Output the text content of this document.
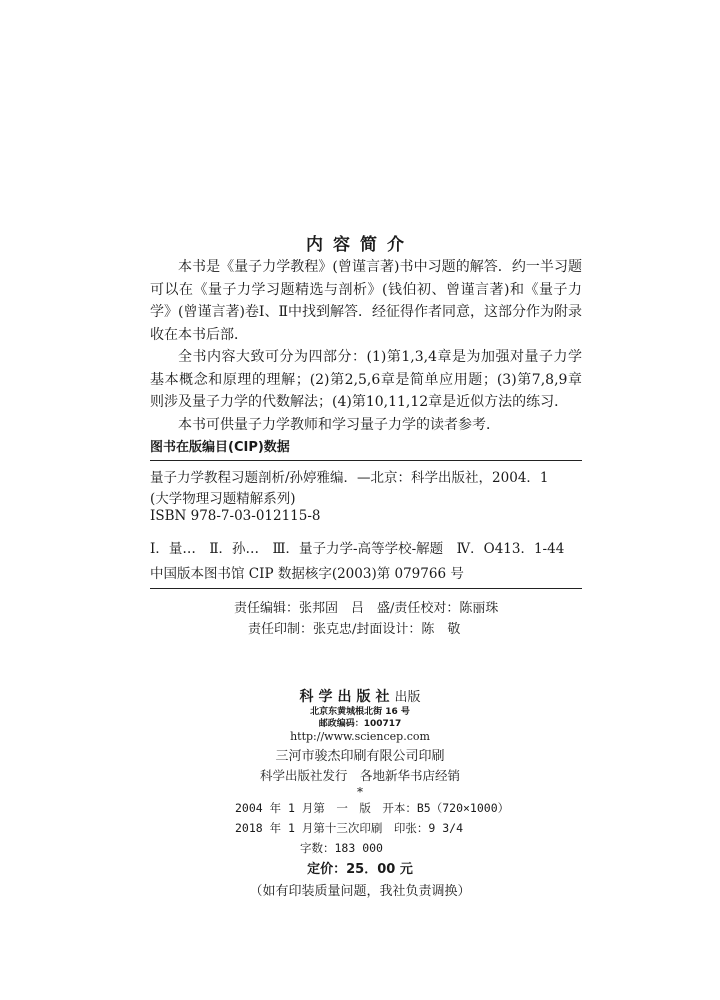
内容简介

本书是《量子力学教程》(曾谨言著)书中习题的解答．约一半习题可以在《量子力学习题精选与剖析》(钱伯初、曾谨言著)和《量子力学》(曾谨言著)卷Ⅰ、Ⅱ中找到解答．经征得作者同意，这部分作为附录收在本书后部．

全书内容大致可分为四部分：(1)第1,3,4章是为加强对量子力学基本概念和原理的理解；(2)第2,5,6章是简单应用题；(3)第7,8,9章则涉及量子力学的代数解法；(4)第10,11,12章是近似方法的练习．

本书可供量子力学教师和学习量子力学的读者参考．

图书在版编目(CIP)数据
量子力学教程习题剖析/孙婷雅编．—北京：科学出版社，2004．1
(大学物理习题精解系列)
ISBN 978-7-03-012115-8
Ⅰ．量…　Ⅱ．孙…　Ⅲ．量子力学-高等学校-解题　Ⅳ．O413．1-44
中国版本图书馆 CIP 数据核字(2003)第 079766 号
责任编辑：张邦固　吕　盛/责任校对：陈丽珠
责任印制：张克忠/封面设计：陈　敬
科学出版社出版
北京东黄城根北街 16 号
邮政编码：100717
http://www.sciencep.com
三河市骏杰印刷有限公司印刷
科学出版社发行　各地新华书店经销
*
2004 年 1 月第　一　版　开本：B5（720×1000）
2018 年 1 月第十三次印刷　印张：9 3/4
字数：183 000
定价：25．00 元
（如有印装质量问题，我社负责调换）
